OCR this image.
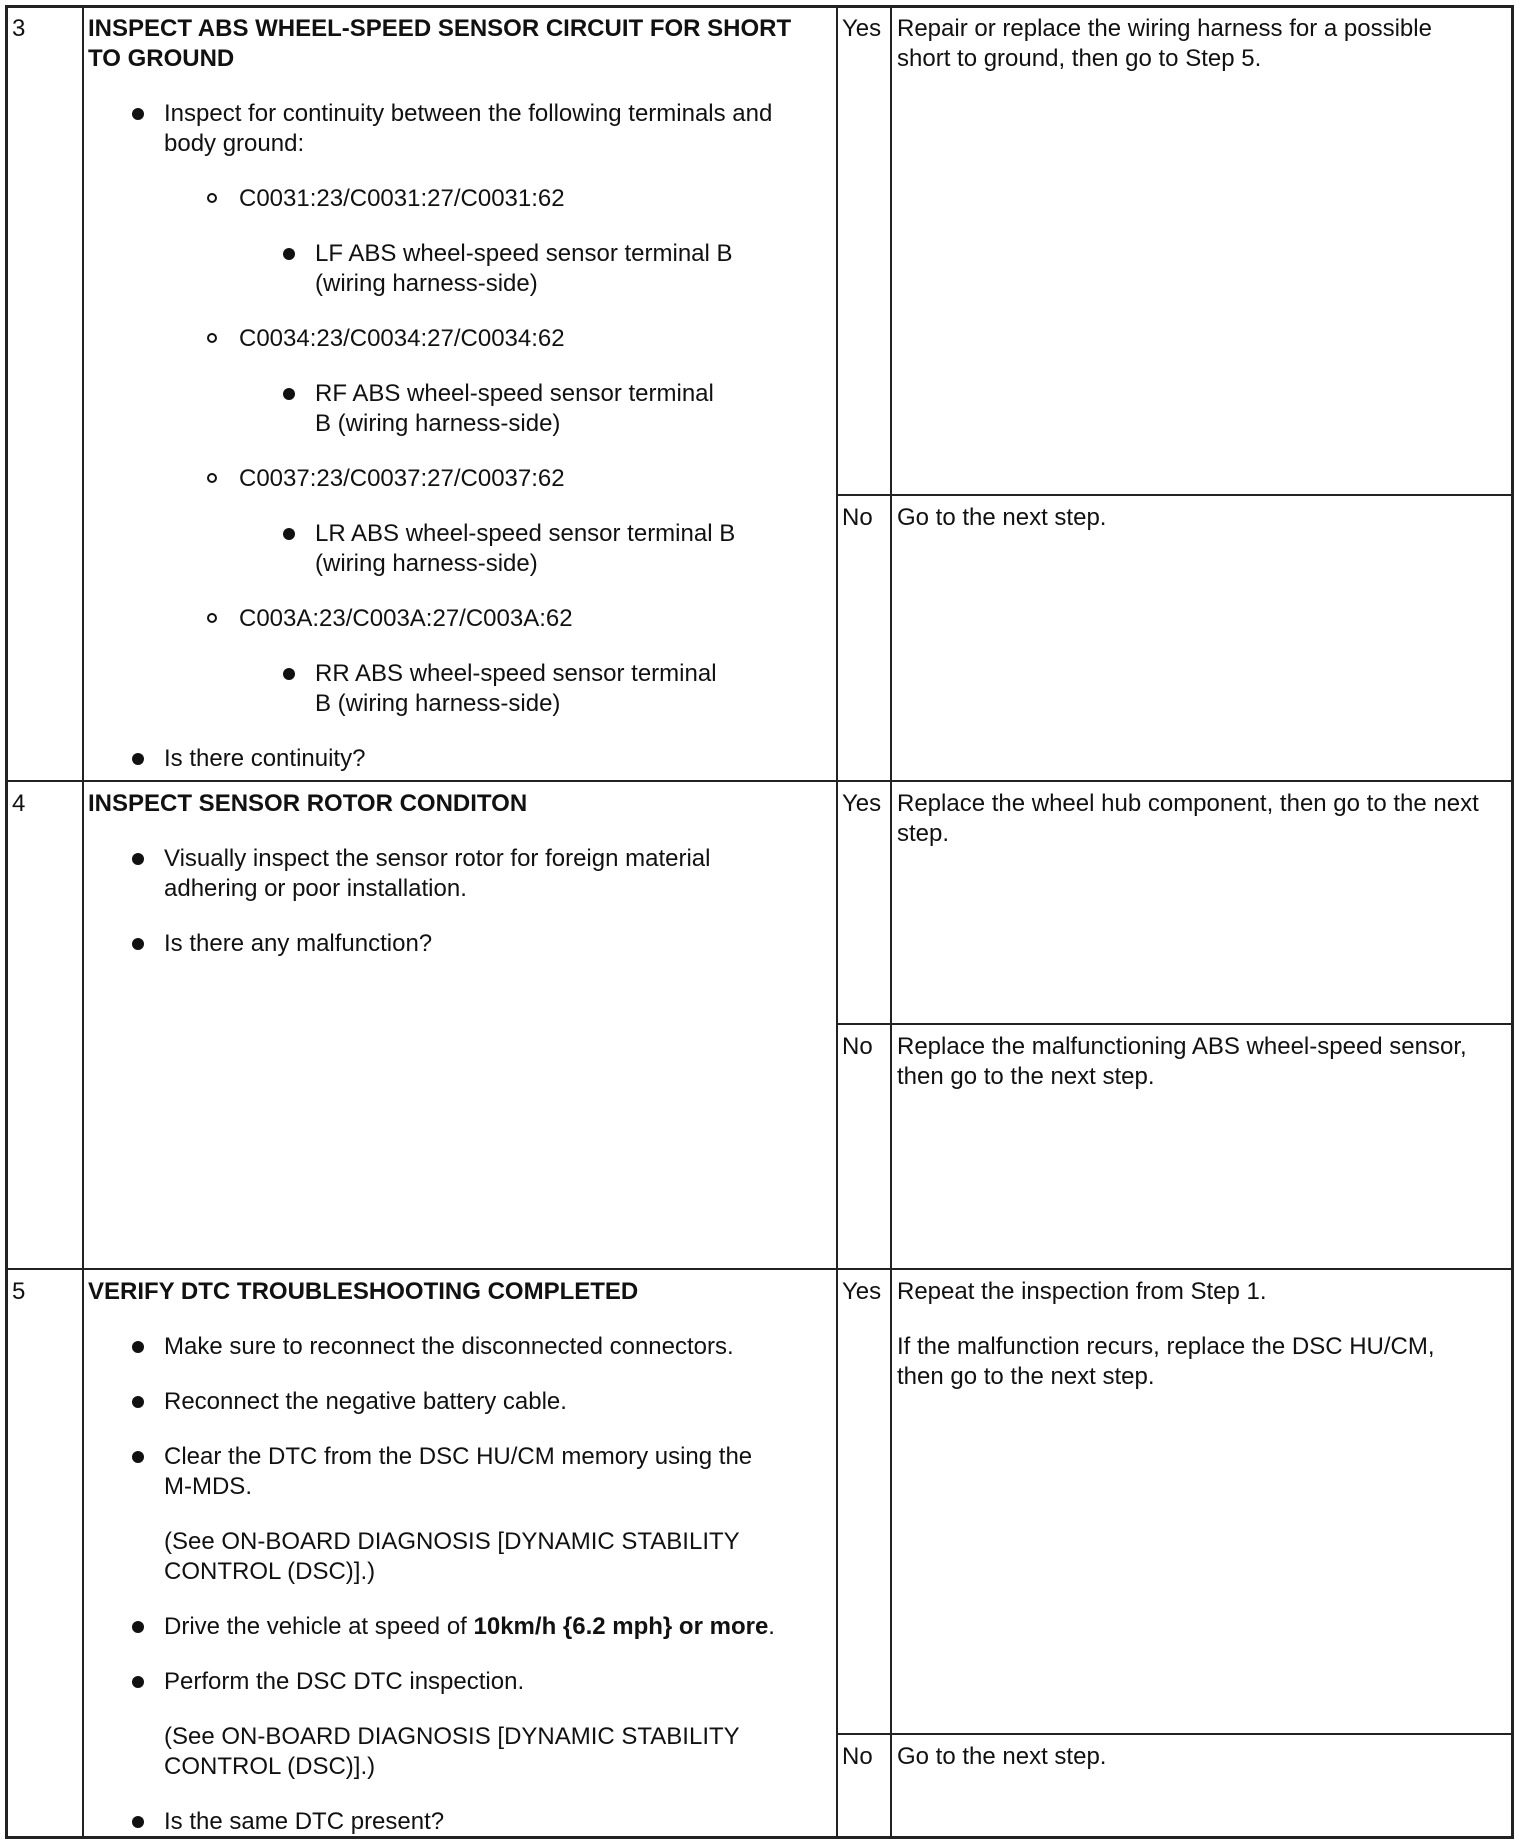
3	INSPECT ABS WHEEL-SPEED SENSOR CIRCUIT FOR SHORT
TO GROUND
Inspect for continuity between the following terminals and
body ground:
C0031:23/C0031:27/C0031:62
LF ABS wheel-speed sensor terminal B
(wiring harness-side)
C0034:23/C0034:27/C0034:62
RF ABS wheel-speed sensor terminal
B (wiring harness-side)
C0037:23/C0037:27/C0037:62
LR ABS wheel-speed sensor terminal B
(wiring harness-side)
C003A:23/C003A:27/C003A:62
RR ABS wheel-speed sensor terminal
B (wiring harness-side)
Is there continuity?
Yes Repair or replace the wiring harness for a possible
short to ground, then go to Step 5.
No Go to the next step.
4	INSPECT SENSOR ROTOR CONDITON
Visually inspect the sensor rotor for foreign material
adhering or poor installation.
Is there any malfunction?
Yes Replace the wheel hub component, then go to the next
step.
No Replace the malfunctioning ABS wheel-speed sensor,
then go to the next step.
5	VERIFY DTC TROUBLESHOOTING COMPLETED
Make sure to reconnect the disconnected connectors.
Reconnect the negative battery cable.
Clear the DTC from the DSC HU/CM memory using the
M-MDS.
(See ON-BOARD DIAGNOSIS [DYNAMIC STABILITY
CONTROL (DSC)].)
Drive the vehicle at speed of 10km/h {6.2 mph} or more.
Perform the DSC DTC inspection.
(See ON-BOARD DIAGNOSIS [DYNAMIC STABILITY
CONTROL (DSC)].)
Is the same DTC present?
Yes Repeat the inspection from Step 1.
If the malfunction recurs, replace the DSC HU/CM,
then go to the next step.
No Go to the next step.
